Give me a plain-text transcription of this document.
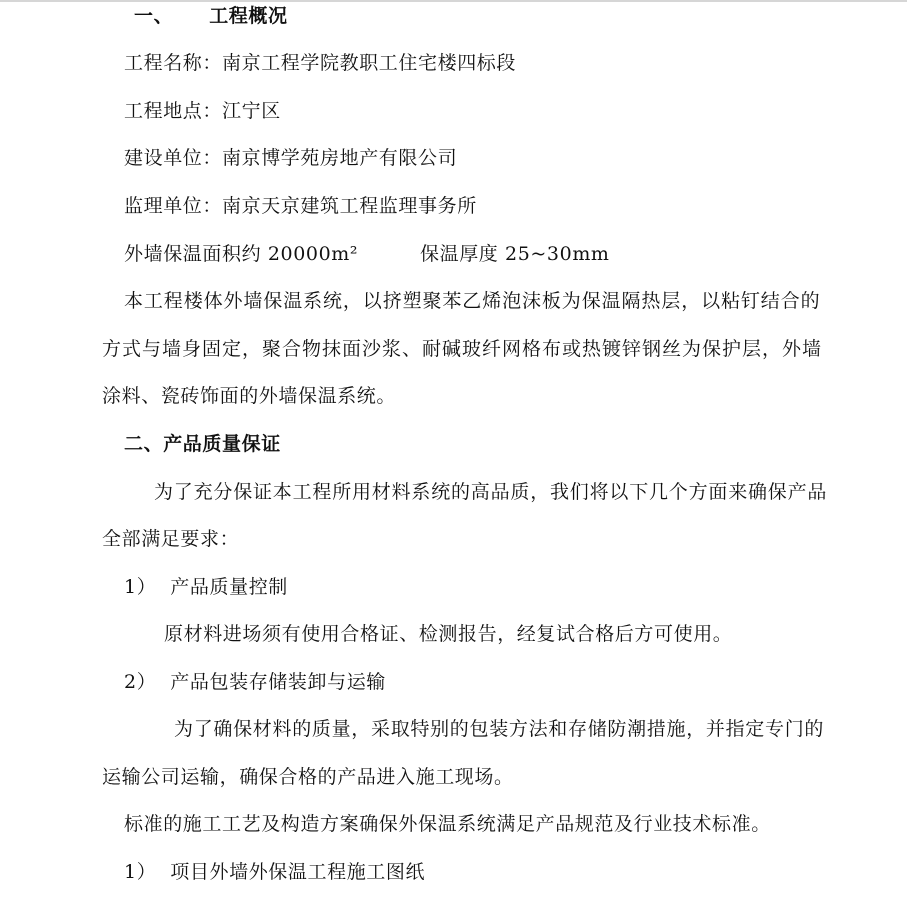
一、 工程概况
工程名称：南京工程学院教职工住宅楼四标段
工程地点：江宁区
建设单位：南京博学苑房地产有限公司
监理单位：南京天京建筑工程监理事务所
外墙保温面积约 20000m²	保温厚度 25~30mm
本工程楼体外墙保温系统，以挤塑聚苯乙烯泡沫板为保温隔热层，以粘钉结合的
方式与墙身固定，聚合物抹面沙浆、耐碱玻纤网格布或热镀锌钢丝为保护层，外墙
涂料、瓷砖饰面的外墙保温系统。
二、产品质量保证
为了充分保证本工程所用材料系统的高品质，我们将以下几个方面来确保产品
全部满足要求：
1） 产品质量控制
原材料进场须有使用合格证、检测报告，经复试合格后方可使用。
2） 产品包装存储装卸与运输
为了确保材料的质量，采取特别的包装方法和存储防潮措施，并指定专门的
运输公司运输，确保合格的产品进入施工现场。
标准的施工工艺及构造方案确保外保温系统满足产品规范及行业技术标准。
1） 项目外墙外保温工程施工图纸
